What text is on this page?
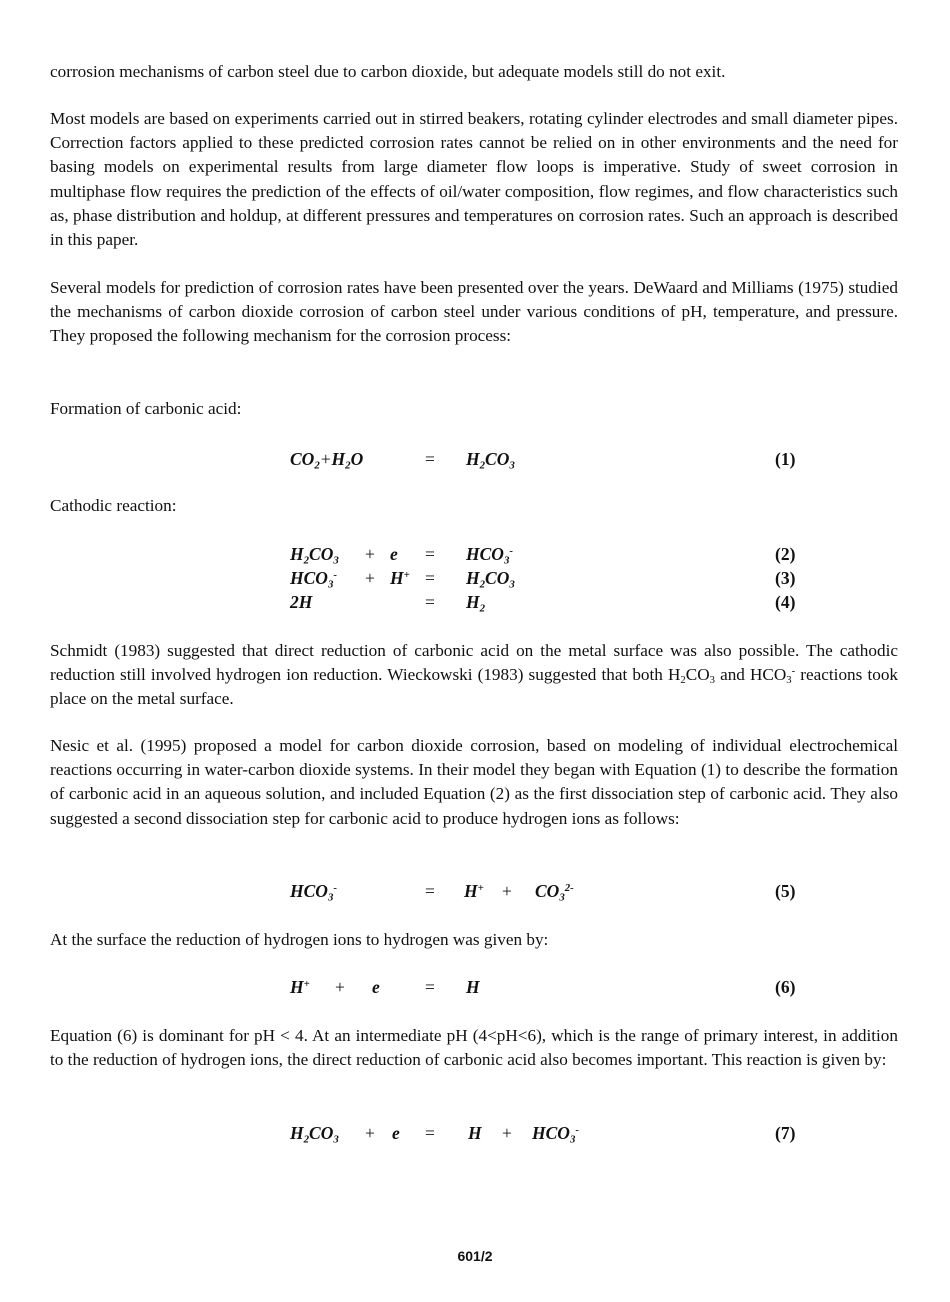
corrosion mechanisms of carbon steel due to carbon dioxide, but adequate models still do not exit.

Most models are based on experiments carried out in stirred beakers, rotating cylinder electrodes and small diameter pipes. Correction factors applied to these predicted corrosion rates cannot be relied on in other environments and the need for basing models on experimental results from large diameter flow loops is imperative. Study of sweet corrosion in multiphase flow requires the prediction of the effects of oil/water composition, flow regimes, and flow characteristics such as, phase distribution and holdup, at different pressures and temperatures on corrosion rates. Such an approach is described in this paper.

Several models for prediction of corrosion rates have been presented over the years. DeWaard and Milliams (1975) studied the mechanisms of carbon dioxide corrosion of carbon steel under various conditions of pH, temperature, and pressure. They proposed the following mechanism for the corrosion process:

Formation of carbonic acid:

$CO_2+H_2O$	= $H_2CO_3$	(1)

Cathodic reaction:

$H_2CO_3 + e = HCO_3^-$	(2)
$HCO_3^- + H^+ = H_2CO_3$	(3)
2H	= $H_2$	(4)

Schmidt (1983) suggested that direct reduction of carbonic acid on the metal surface was also possible. The cathodic reduction still involved hydrogen ion reduction. Wieckowski (1983) suggested that both $H_2CO_3$ and $HCO_3^-$ reactions took place on the metal surface.

Nesic et al. (1995) proposed a model for carbon dioxide corrosion, based on modeling of individual electrochemical reactions occurring in water-carbon dioxide systems. In their model they began with Equation (1) to describe the formation of carbonic acid in an aqueous solution, and included Equation (2) as the first dissociation step of carbonic acid. They also suggested a second dissociation step for carbonic acid to produce hydrogen ions as follows:

$HCO_3^-$	= $H^+ + CO_3^{2-}$	(5)

At the surface the reduction of hydrogen ions to hydrogen was given by:

H+ + e	= H	(6)

Equation (6) is dominant for pH < 4. At an intermediate pH (4<pH<6), which is the range of primary interest, in addition to the reduction of hydrogen ions, the direct reduction of carbonic acid also becomes important. This reaction is given by:

$H_2CO_3 + e = H + HCO_3^-$	(7)
601/2
